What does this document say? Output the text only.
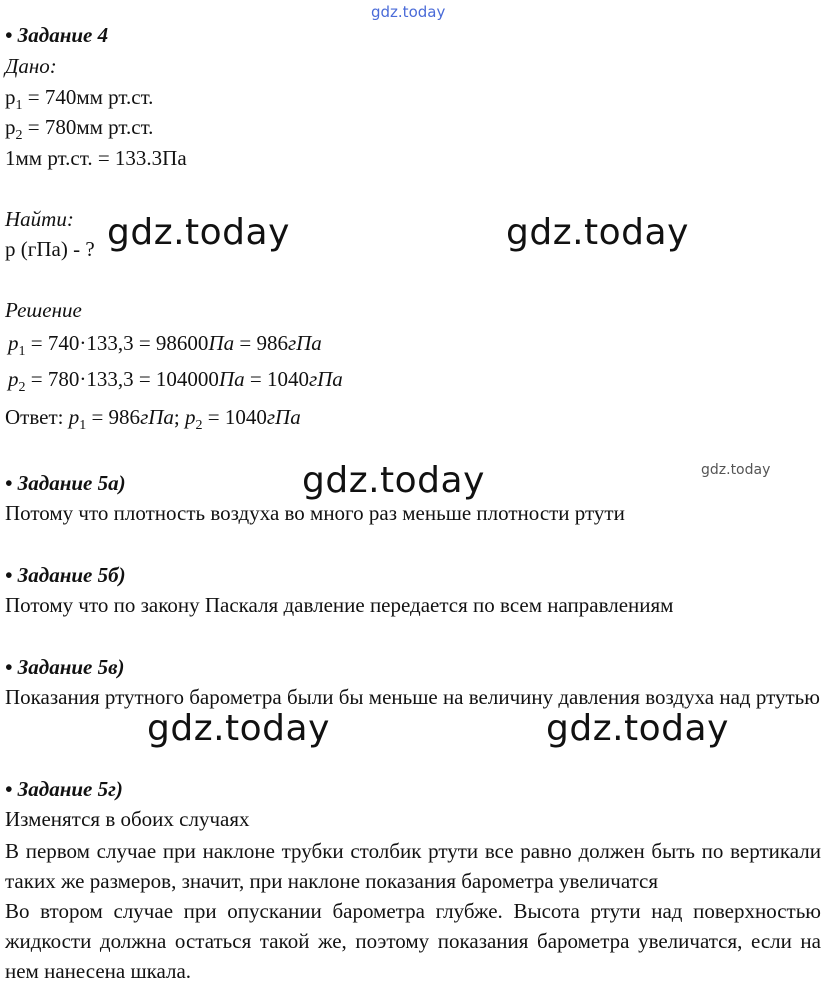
gdz.today
gdz.today	gdz.today
gdz.today	gdz.today
gdz.today	gdz.today
• Задание 4
Дано:
$p_1 = 740мм$ рт.ст.
$p_2 = 780мм$ рт.ст.
1мм рт.ст. = 133.3Па
Найти:
p (гПа) - ?
Решение
$p_1 = 740\cdot 133,3 = 98600Па = 986гПа$
$p_2 = 780\cdot 133,3 = 104000Па = 1040гПа$
Ответ: $p_1 = 986гПа$; $p_2 = 1040гПа$
• Задание 5а)
Потому что плотность воздуха во много раз меньше плотности ртути
• Задание 5б)
Потому что по закону Паскаля давление передается по всем направлениям
• Задание 5в)
Показания ртутного барометра были бы меньше на величину давления воздуха над ртутью
• Задание 5г)
Изменятся в обоих случаях
В первом случае при наклоне трубки столбик ртути все равно должен быть по вертикали таких же размеров, значит, при наклоне показания барометра увеличатся
Во втором случае при опускании барометра глубже. Высота ртути над поверхностью жидкости должна остаться такой же, поэтому показания барометра увеличатся, если на нем нанесена шкала.
